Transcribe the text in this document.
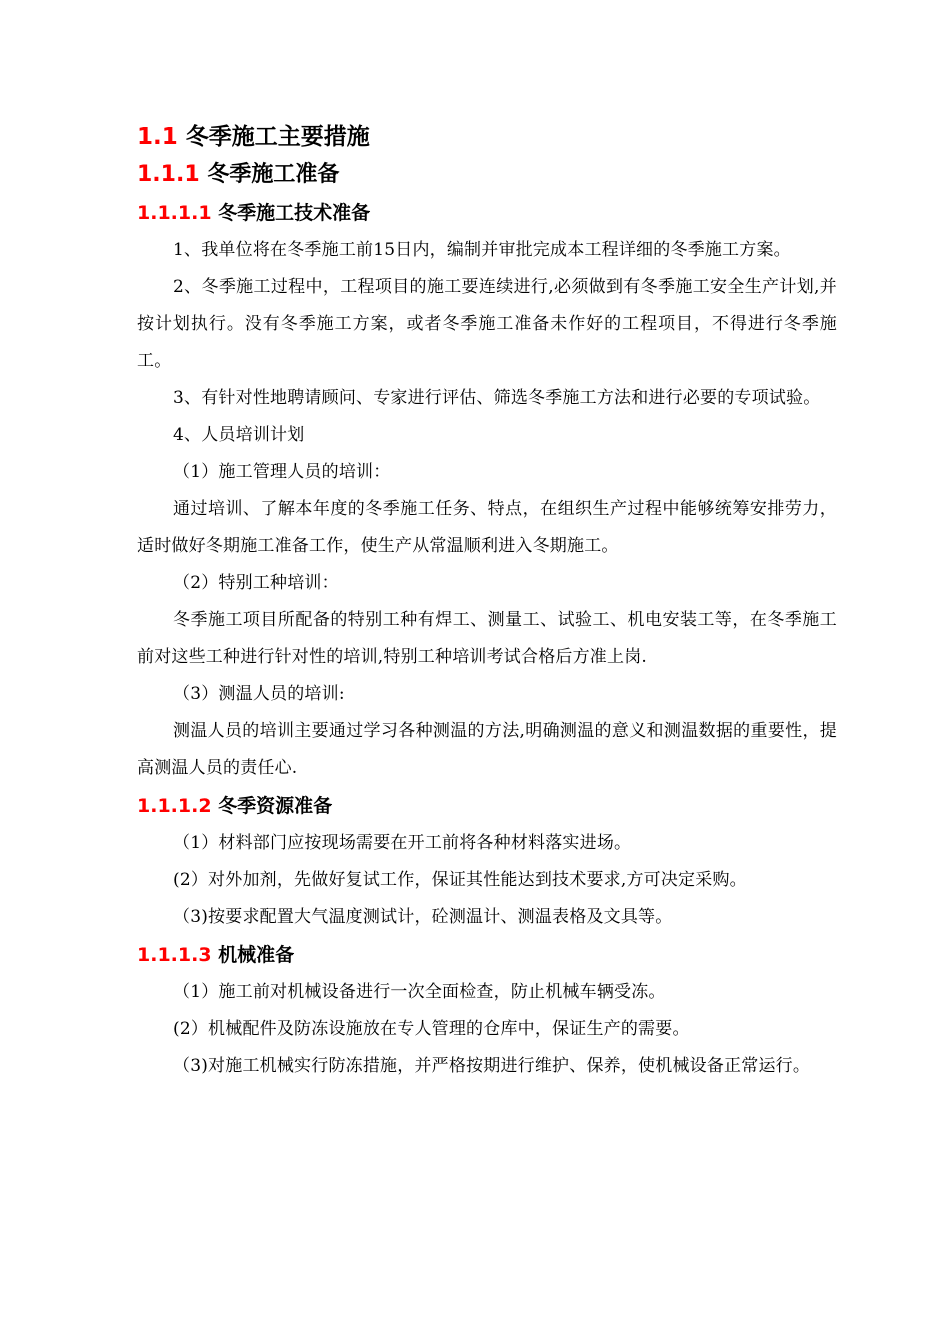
1.1 冬季施工主要措施
1.1.1 冬季施工准备
1.1.1.1 冬季施工技术准备

1、我单位将在冬季施工前15日内，编制并审批完成本工程详细的冬季施工方案。

2、冬季施工过程中，工程项目的施工要连续进行,必须做到有冬季施工安全生产计划,并按计划执行。没有冬季施工方案，或者冬季施工准备未作好的工程项目，不得进行冬季施工。

3、有针对性地聘请顾问、专家进行评估、筛选冬季施工方法和进行必要的专项试验。

4、人员培训计划

（1）施工管理人员的培训：

通过培训、了解本年度的冬季施工任务、特点，在组织生产过程中能够统筹安排劳力，适时做好冬期施工准备工作，使生产从常温顺利进入冬期施工。

（2）特别工种培训：

冬季施工项目所配备的特别工种有焊工、测量工、试验工、机电安装工等，在冬季施工前对这些工种进行针对性的培训,特别工种培训考试合格后方准上岗.

（3）测温人员的培训:

测温人员的培训主要通过学习各种测温的方法,明确测温的意义和测温数据的重要性，提高测温人员的责任心.

1.1.1.2 冬季资源准备

（1）材料部门应按现场需要在开工前将各种材料落实进场。

(2）对外加剂，先做好复试工作，保证其性能达到技术要求,方可决定采购。

（3)按要求配置大气温度测试计，砼测温计、测温表格及文具等。

1.1.1.3 机械准备

（1）施工前对机械设备进行一次全面检查，防止机械车辆受冻。

(2）机械配件及防冻设施放在专人管理的仓库中，保证生产的需要。

（3)对施工机械实行防冻措施，并严格按期进行维护、保养，使机械设备正常运行。
